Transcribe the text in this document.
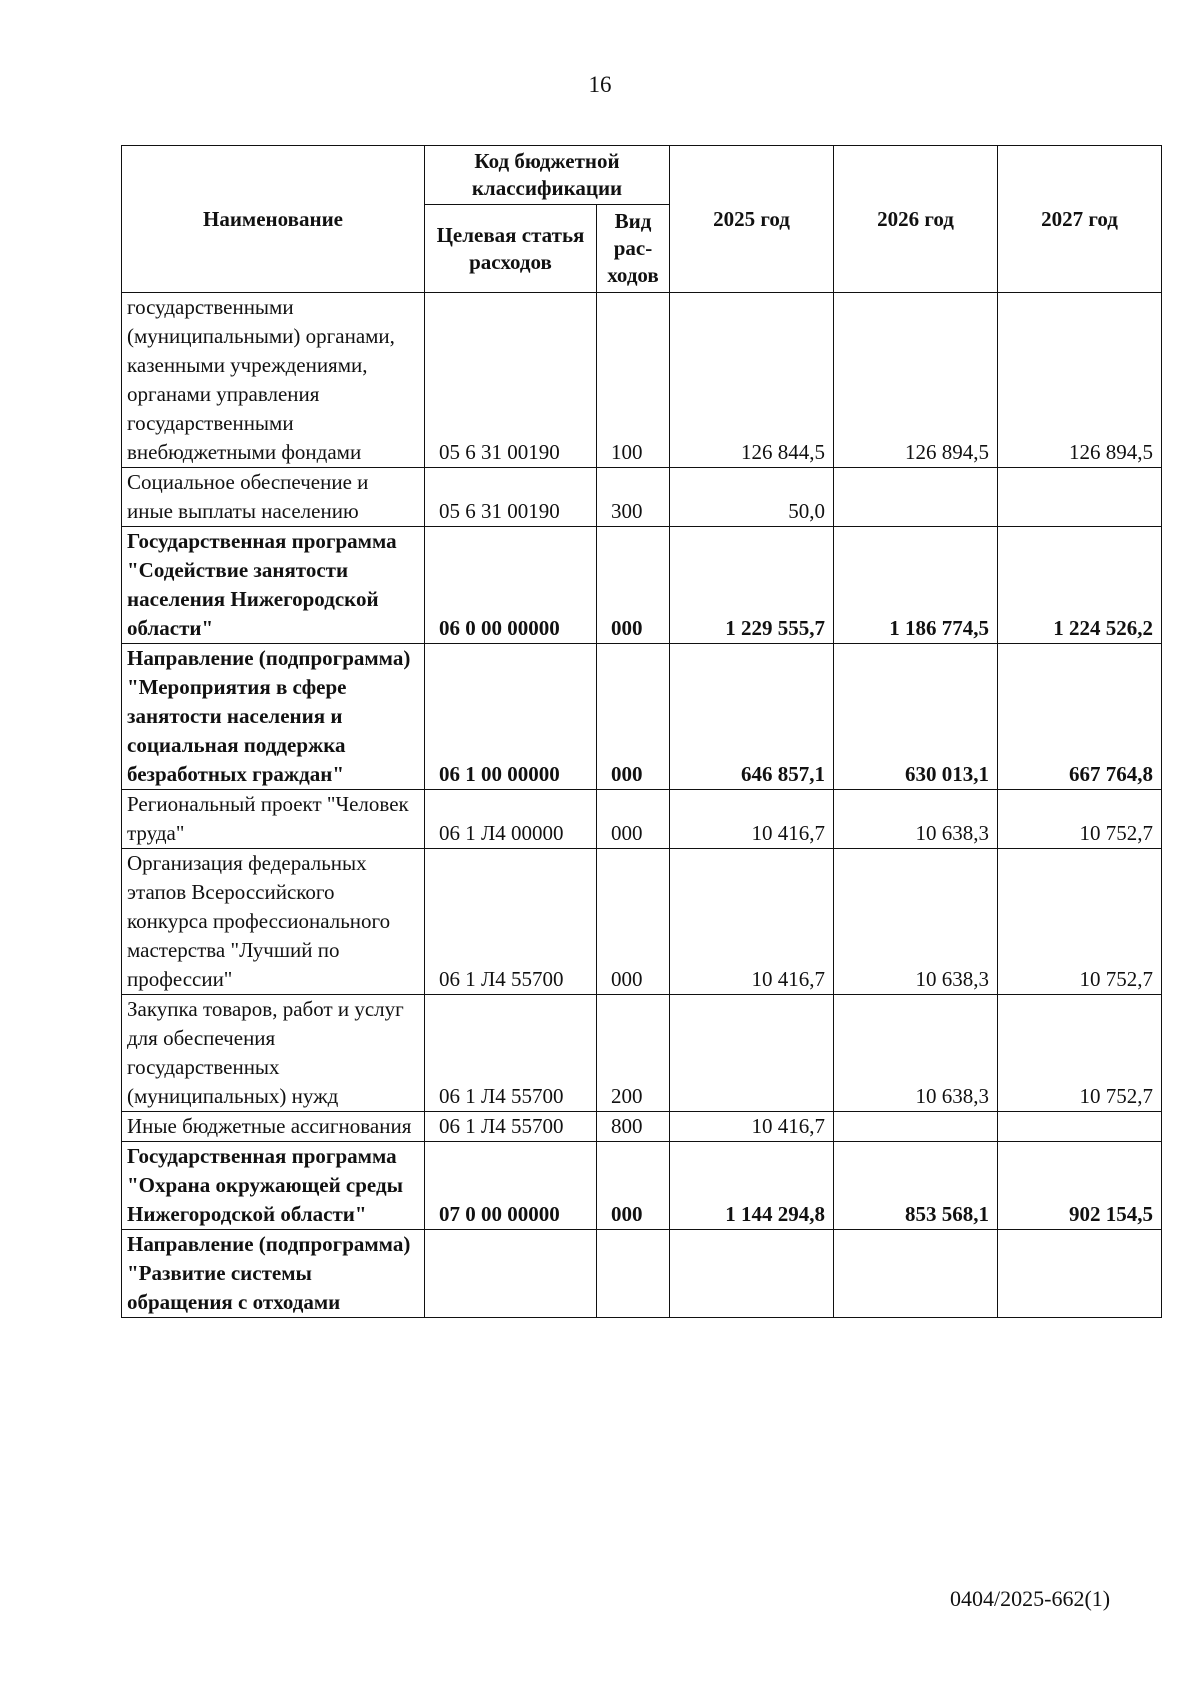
16
Наименование	Код бюджетной классификации		2025 год	2026 год	2027 год
	Целевая статья расходов	Вид рас-ходов			
государственными (муниципальными) органами, казенными учреждениями, органами управления государственными внебюджетными фондами	05 6 31 00190	100	126 844,5	126 894,5	126 894,5
Социальное обеспечение и иные выплаты населению	05 6 31 00190	300	50,0		
Государственная программа "Содействие занятости населения Нижегородской области"	06 0 00 00000	000	1 229 555,7	1 186 774,5	1 224 526,2
Направление (подпрограмма) "Мероприятия в сфере занятости населения и социальная поддержка безработных граждан"	06 1 00 00000	000	646 857,1	630 013,1	667 764,8
Региональный проект "Человек труда"	06 1 Л4 00000	000	10 416,7	10 638,3	10 752,7
Организация федеральных этапов Всероссийского конкурса профессионального мастерства "Лучший по профессии"	06 1 Л4 55700	000	10 416,7	10 638,3	10 752,7
Закупка товаров, работ и услуг для обеспечения государственных (муниципальных) нужд	06 1 Л4 55700	200		10 638,3	10 752,7
Иные бюджетные ассигнования	06 1 Л4 55700	800	10 416,7		
Государственная программа "Охрана окружающей среды Нижегородской области"	07 0 00 00000	000	1 144 294,8	853 568,1	902 154,5
Направление (подпрограмма) "Развитие системы обращения с отходами					
0404/2025-662(1)
